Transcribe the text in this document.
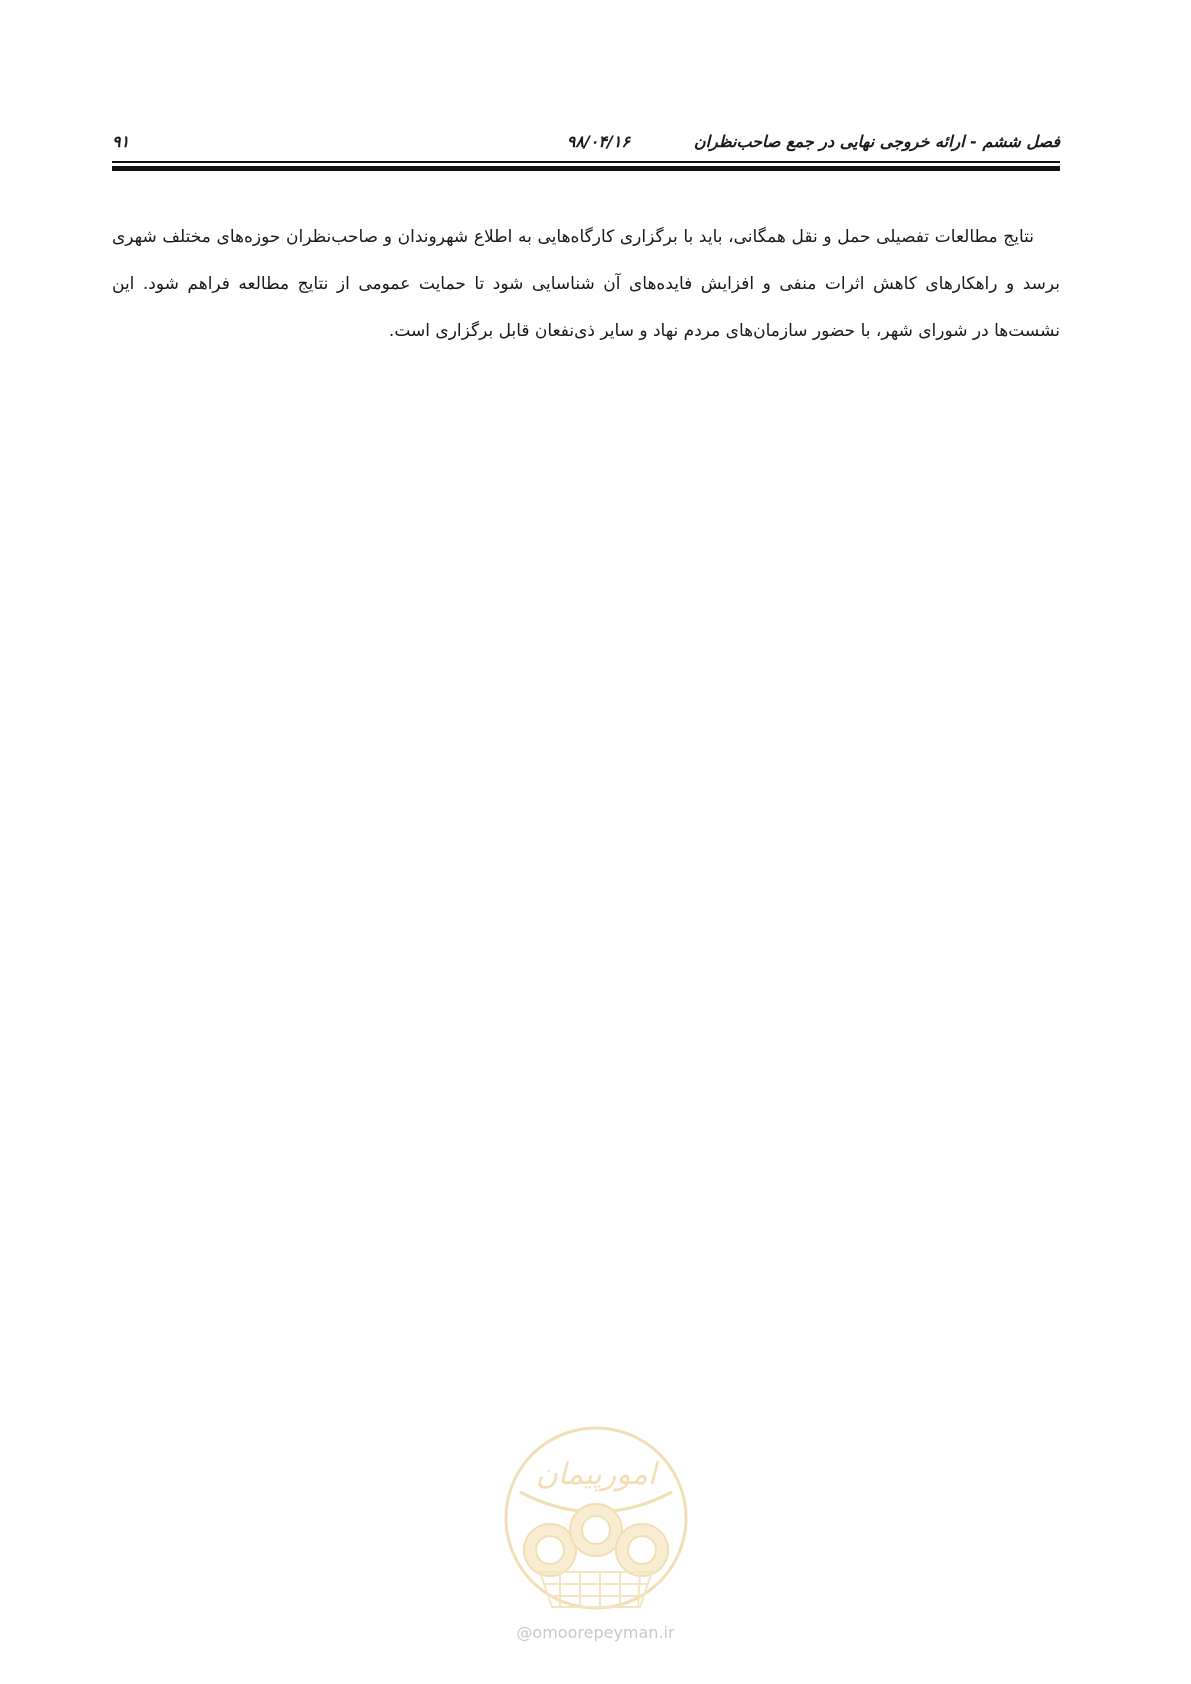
فصل ششم - ارائه خروجی نهایی در جمع صاحب‌نظران
۹۸/۰۴/۱۶
۹۱

نتایج مطالعات تفصیلی حمل و نقل همگانی، باید با برگزاری کارگاه‌هایی به اطلاع شهروندان و صاحب‌نظران حوزه‌های مختلف شهری برسد و راهکارهای کاهش اثرات منفی و افزایش فایده‌های آن شناسایی شود تا حمایت عمومی از نتایج مطالعه فراهم شود. این نشست‌ها در شورای شهر، با حضور سازمان‌های مردم نهاد و سایر ذی‌نفعان قابل برگزاری است.

امورپیمان
@omoorepeyman.ir
